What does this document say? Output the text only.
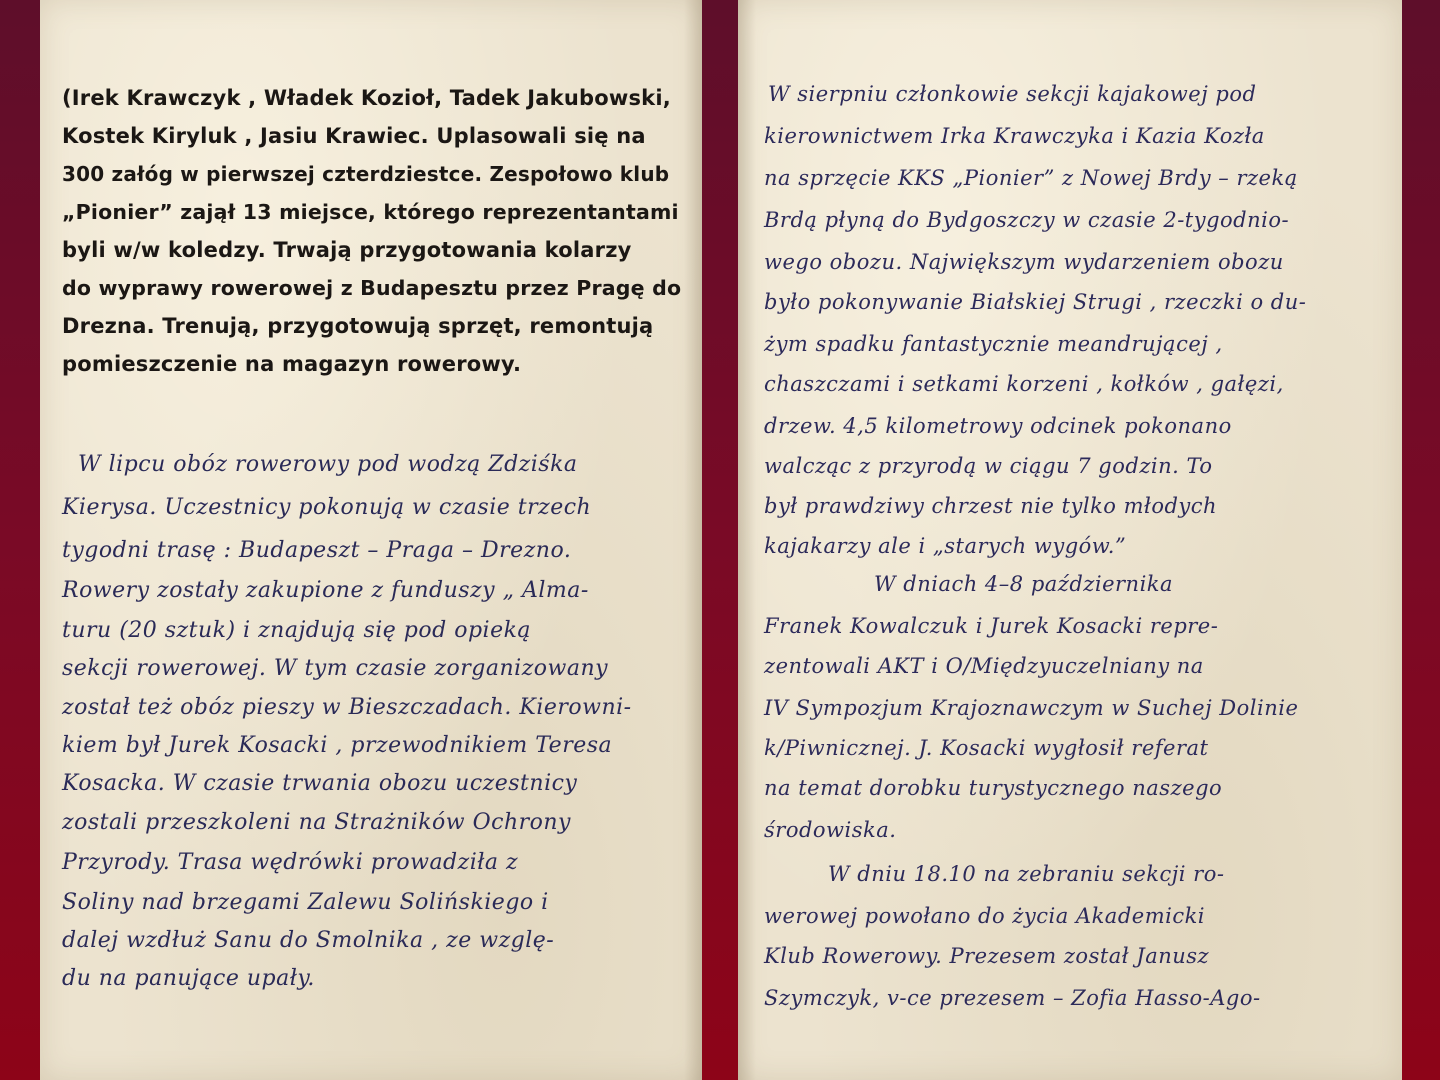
(Irek Krawczyk , Władek Kozioł, Tadek Jakubowski,

Kostek Kiryluk , Jasiu Krawiec. Uplasowali się na

300 załóg w pierwszej czterdziestce. Zespołowo klub

„Pionier” zajął 13 miejsce, którego reprezentantami

byli w/w koledzy. Trwają przygotowania kolarzy

do wyprawy rowerowej z Budapesztu przez Pragę do

Drezna. Trenują, przygotowują sprzęt, remontują

pomieszczenie na magazyn rowerowy.

W lipcu obóz rowerowy pod wodzą Zdziśka

Kierysa. Uczestnicy pokonują w czasie trzech

tygodni trasę : Budapeszt – Praga – Drezno.

Rowery zostały zakupione z funduszy „ Alma-

turu (20 sztuk) i znajdują się pod opieką

sekcji rowerowej. W tym czasie zorganizowany

został też obóz pieszy w Bieszczadach. Kierowni-

kiem był Jurek Kosacki , przewodnikiem Teresa

Kosacka. W czasie trwania obozu uczestnicy

zostali przeszkoleni na Strażników Ochrony

Przyrody. Trasa wędrówki prowadziła z

Soliny nad brzegami Zalewu Solińskiego i

dalej wzdłuż Sanu do Smolnika , ze wzglę-

du na panujące upały.

W sierpniu członkowie sekcji kajakowej pod

kierownictwem Irka Krawczyka i Kazia Kozła

na sprzęcie KKS „Pionier” z Nowej Brdy – rzeką

Brdą płyną do Bydgoszczy w czasie 2-tygodnio-

wego obozu. Największym wydarzeniem obozu

było pokonywanie Białskiej Strugi , rzeczki o du-

żym spadku fantastycznie meandrującej ,

chaszczami i setkami korzeni , kołków , gałęzi,

drzew. 4,5 kilometrowy odcinek pokonano

walcząc z przyrodą w ciągu 7 godzin. To

był prawdziwy chrzest nie tylko młodych

kajakarzy ale i „starych wygów.”

W dniach 4–8 października

Franek Kowalczuk i Jurek Kosacki repre-

zentowali AKT i O/Międzyuczelniany na

IV Sympozjum Krajoznawczym w Suchej Dolinie

k/Piwnicznej. J. Kosacki wygłosił referat

na temat dorobku turystycznego naszego

środowiska.

W dniu 18.10 na zebraniu sekcji ro-

werowej powołano do życia Akademicki

Klub Rowerowy. Prezesem został Janusz

Szymczyk, v-ce prezesem – Zofia Hasso-Ago-
